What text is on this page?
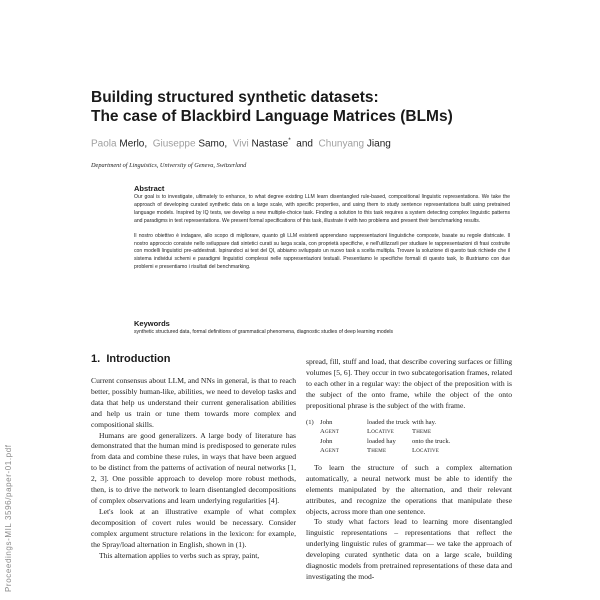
Proceedings-MIL 3596/paper-01.pdf
Building structured synthetic datasets:
The case of Blackbird Language Matrices (BLMs)
Paola Merlo, Giuseppe Samo, Vivi Nastase* and Chunyang Jiang
Department of Linguistics, University of Geneva, Switzerland
Abstract

Our goal is to investigate, ultimately to enhance, to what degree existing LLM learn disentangled rule-based, compositional linguistic representations. We take the approach of developing curated synthetic data on a large scale, with specific properties, and using them to study sentence representations built using pretrained language models. Inspired by IQ tests, we develop a new multiple-choice task. Finding a solution to this task requires a system detecting complex linguistic patterns and paradigms in text representations. We present formal specifications of this task, illustrate it with two problems and present their benchmarking results.

Il nostro obiettivo è indagare, allo scopo di migliorare, quanto gli LLM esistenti apprendano rappresentazioni linguistiche composte, basate su regole districate. Il nostro approccio consiste nello sviluppare dati sintetici curati su larga scala, con proprietà specifiche, e nell'utilizzarli per studiare le rappresentazioni di frasi costruite con modelli linguistici pre-addestrati. Ispirandoci ai test del QI, abbiamo sviluppato un nuovo task a scelta multipla. Trovare la soluzione di questo task richiede che il sistema individui schemi e paradigmi linguistici complessi nelle rappresentazioni testuali. Presentiamo le specifiche formali di questo task, lo illustriamo con due problemi e presentiamo i risultati del benchmarking.

Keywords

synthetic structured data, formal definitions of grammatical phenomena, diagnostic studies of deep learning models

1. Introduction

Current consensus about LLM, and NNs in general, is that to reach better, possibly human-like, abilities, we need to develop tasks and data that help us understand their current generalisation abilities and help us train or tune them towards more complex and compositional skills.

Humans are good generalizers. A large body of literature has demonstrated that the human mind is predisposed to generate rules from data and combine these rules, in ways that have been argued to be distinct from the patterns of activation of neural networks [1, 2, 3]. One possible approach to develop more robust methods, then, is to drive the network to learn disentangled decompositions of complex observations and learn underlying regularities [4].

Let's look at an illustrative example of what complex decomposition of covert rules would be necessary. Consider complex argument structure relations in the lexicon: for example, the Spray/load alternation in English, shown in (1).

This alternation applies to verbs such as spray, paint,

spread, fill, stuff and load, that describe covering surfaces or filling volumes [5, 6]. They occur in two subcategorisation frames, related to each other in a regular way: the object of the preposition with is the subject of the onto frame, while the object of the onto prepositional phrase is the subject of the with frame.

(1) John	loaded the truck with hay.
Agent	Locative	Theme
John	loaded hay	onto the truck.
Agent	Theme	Locative

To learn the structure of such a complex alternation automatically, a neural network must be able to identify the elements manipulated by the alternation, and their relevant attributes, and recognize the operations that manipulate these objects, across more than one sentence.

To study what factors lead to learning more disentangled linguistic representations – representations that reflect the underlying linguistic rules of grammar— we take the approach of developing curated synthetic data on a large scale, building diagnostic models from pretrained representations of these data and investigating the mod-
